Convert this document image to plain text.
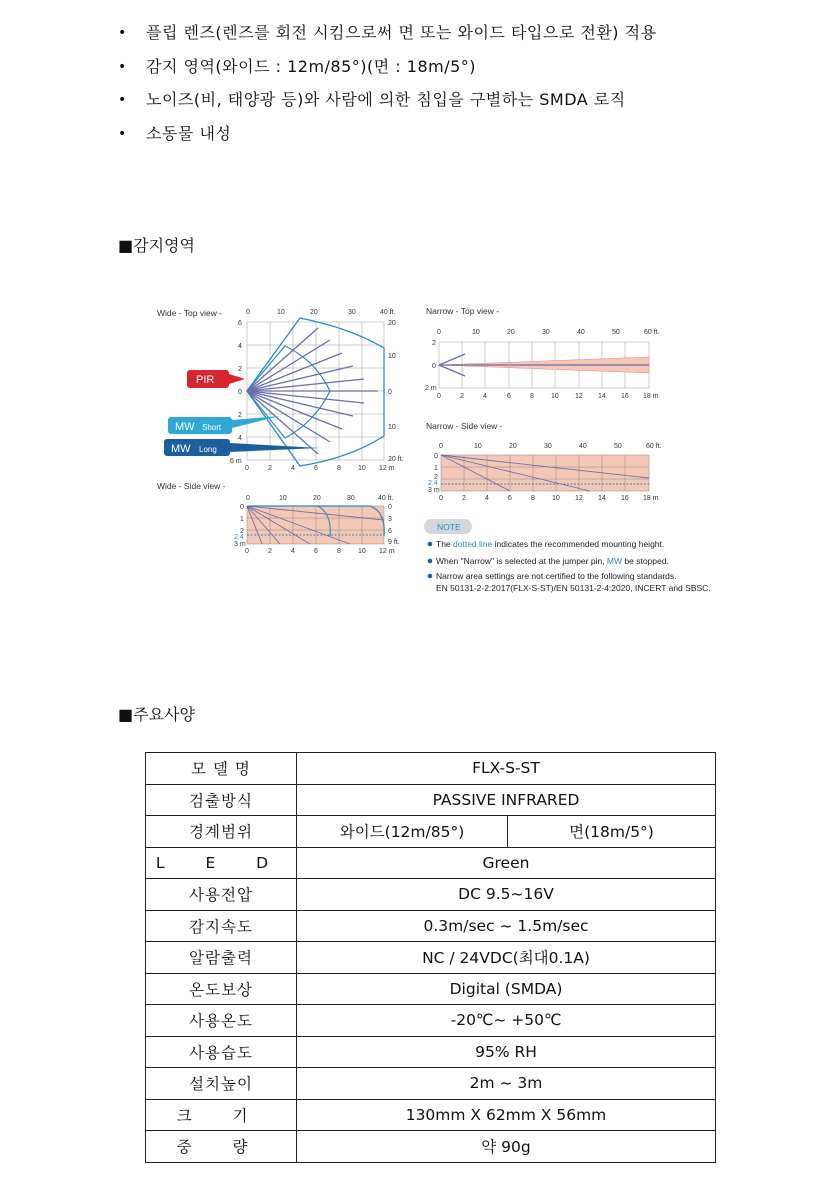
• 플립 렌즈(렌즈를 회전 시킴으로써 면 또는 와이드 타입으로 전환) 적용
• 감지 영역(와이드 : 12m/85°)(면 : 18m/5°)
• 노이즈(비, 태양광 등)와 사람에 의한 침입을 구별하는 SMDA 로직
• 소동물 내성
■감지영역
Wide - Top view -	0	10	20	30	40 ft.
6
4
2
0
2
4
6 m
20
10
0
10
20 ft.
0	2	4	6	8 10 12 m
PIR
MW Short
MW Long
Wide - Side view -
0	10	20	30	40 ft.
0
1
2
2.4
3 m
0
3
6
9 ft.
0	2	4	6	8 10 12 m
Narrow - Top view -
0	10	20	30	40	50	60 ft.
2
0
2 m
0	2	4	6	8 10 12 14 16 18 m
Narrow - Side view -
0	10	20	30	40	50	60 ft.
0
1
2
2.4
3 m
0	2	4	6	8 10 12 14 16 18 m
NOTE
The dotted line indicates the recommended mounting height.
When "Narrow" is selected at the jumper pin, MW be stopped.
Narrow area settings are not certified to the following standards.
EN 50131-2-2:2017(FLX-S-ST)/EN 50131-2-4:2020, INCERT and SBSC.
■주요사양
모 델 명	FLX-S-ST	
검출방식	PASSIVE INFRARED	
경계범위	와이드(12m/85°)	면(18m/5°)
L E D	Green	
사용전압	DC 9.5~16V	
감지속도	0.3m/sec ~ 1.5m/sec	
알람출력	NC / 24VDC(최대0.1A)	
온도보상	Digital (SMDA)	
사용온도	-20℃~ +50℃	
사용습도	95% RH	
설치높이	2m ~ 3m	
크 기	130mm X 62mm X 56mm	
중 량	약 90g	
